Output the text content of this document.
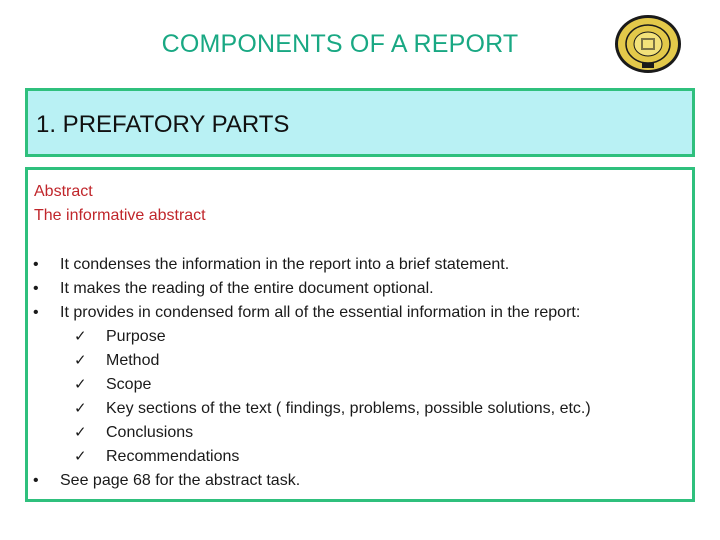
COMPONENTS OF A REPORT
1. PREFATORY PARTS
Abstract
The informative abstract
•	It condenses the information in the report into a brief statement.
•	It makes the reading of the entire document optional.
•	It provides in condensed form all of the essential information in the report:
✓ Purpose
✓ Method
✓ Scope
✓ Key sections of the text ( findings, problems, possible solutions, etc.)
✓ Conclusions
✓ Recommendations
•	See page 68 for the abstract task.
